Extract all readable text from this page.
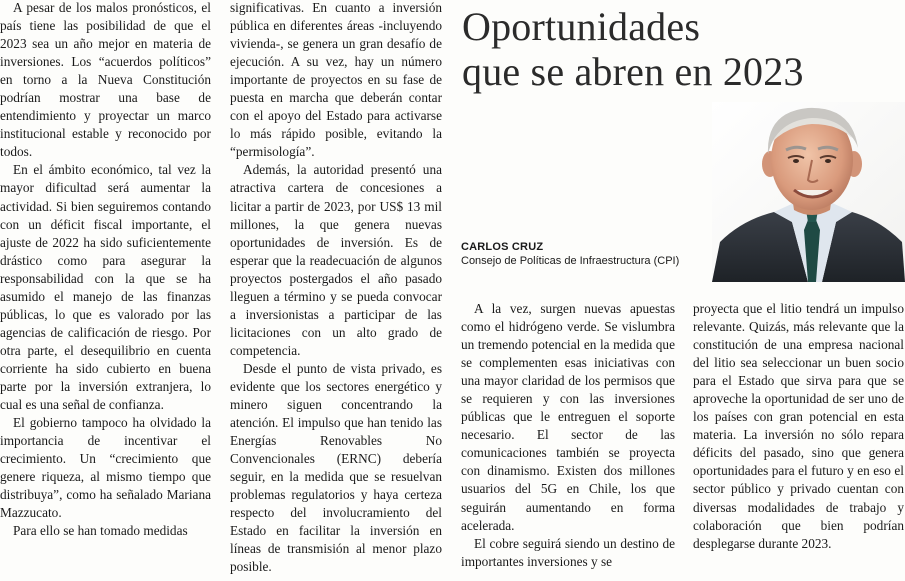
A pesar de los malos pronósticos, el país tiene las posibilidad de que el 2023 sea un año mejor en materia de inversiones. Los “acuerdos políticos” en torno a la Nueva Constitución podrían mostrar una base de entendimiento y proyectar un marco institucional estable y reconocido por todos.

En el ámbito económico, tal vez la mayor dificultad será aumentar la actividad. Si bien seguiremos contando con un déficit fiscal importante, el ajuste de 2022 ha sido suficientemente drástico como para asegurar la responsabilidad con la que se ha asumido el manejo de las finanzas públicas, lo que es valorado por las agencias de calificación de riesgo. Por otra parte, el desequilibrio en cuenta corriente ha sido cubierto en buena parte por la inversión extranjera, lo cual es una señal de confianza.

El gobierno tampoco ha olvidado la importancia de incentivar el crecimiento. Un “crecimiento que genere riqueza, al mismo tiempo que distribuya”, como ha señalado Mariana Mazzucato.

Para ello se han tomado medidas

significativas. En cuanto a inversión pública en diferentes áreas -incluyendo vivienda-, se genera un gran desafío de ejecución. A su vez, hay un número importante de proyectos en su fase de puesta en marcha que deberán contar con el apoyo del Estado para activarse lo más rápido posible, evitando la “permisología”.

Además, la autoridad presentó una atractiva cartera de concesiones a licitar a partir de 2023, por US$ 13 mil millones, la que genera nuevas oportunidades de inversión. Es de esperar que la readecuación de algunos proyectos postergados el año pasado lleguen a término y se pueda convocar a inversionistas a participar de las licitaciones con un alto grado de competencia.

Desde el punto de vista privado, es evidente que los sectores energético y minero siguen concentrando la atención. El impulso que han tenido las Energías Renovables No Convencionales (ERNC) debería seguir, en la medida que se resuelvan problemas regulatorios y haya certeza respecto del involucramiento del Estado en facilitar la inversión en líneas de transmisión al menor plazo posible.

Oportunidades
que se abren en 2023
CARLOS CRUZ
Consejo de Políticas de Infraestructura (CPI)

A la vez, surgen nuevas apuestas como el hidrógeno verde. Se vislumbra un tremendo potencial en la medida que se complementen esas iniciativas con una mayor claridad de los permisos que se requieren y con las inversiones públicas que le entreguen el soporte necesario. El sector de las comunicaciones también se proyecta con dinamismo. Existen dos millones usuarios del 5G en Chile, los que seguirán aumentando en forma acelerada.

El cobre seguirá siendo un destino de importantes inversiones y se

proyecta que el litio tendrá un impulso relevante. Quizás, más relevante que la constitución de una empresa nacional del litio sea seleccionar un buen socio para el Estado que sirva para que se aproveche la oportunidad de ser uno de los países con gran potencial en esta materia. La inversión no sólo repara déficits del pasado, sino que genera oportunidades para el futuro y en eso el sector público y privado cuentan con diversas modalidades de trabajo y colaboración que bien podrían desplegarse durante 2023.
